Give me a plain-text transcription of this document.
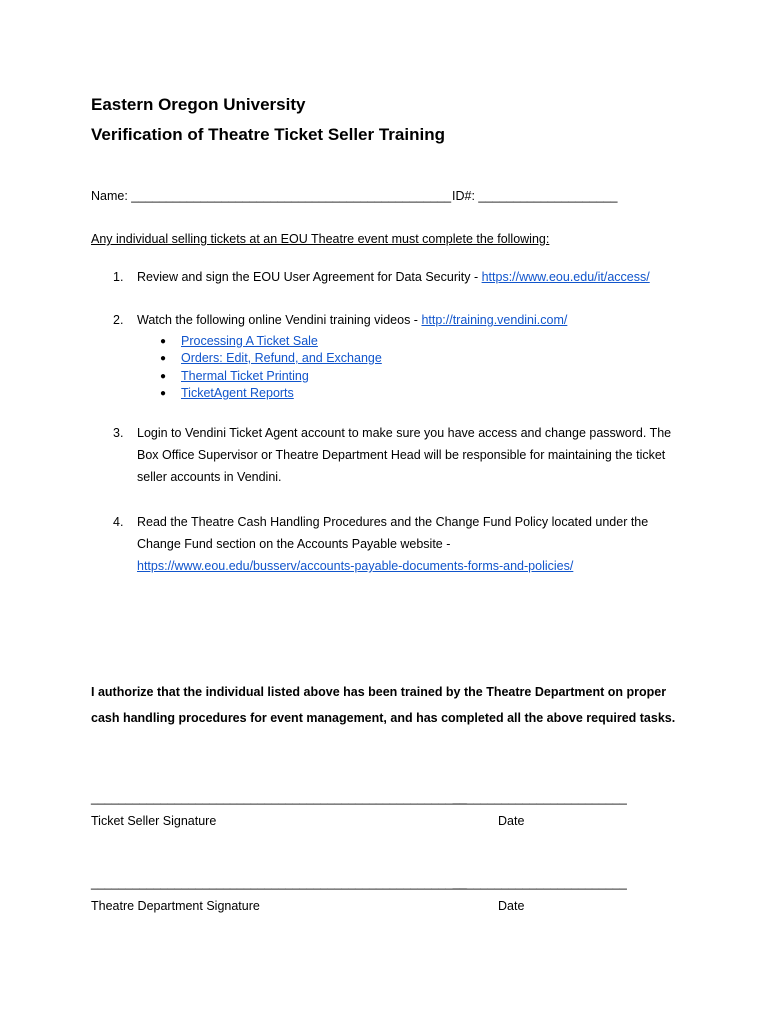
Eastern Oregon University
Verification of Theatre Ticket Seller Training
Name: ______________________________________________ ID#: ____________________
Any individual selling tickets at an EOU Theatre event must complete the following:
1. Review and sign the EOU User Agreement for Data Security - https://www.eou.edu/it/access/
2. Watch the following online Vendini training videos - http://training.vendini.com/
● Processing A Ticket Sale
● Orders: Edit, Refund, and Exchange
● Thermal Ticket Printing
● TicketAgent Reports
3. Login to Vendini Ticket Agent account to make sure you have access and change password. The
Box Office Supervisor or Theatre Department Head will be responsible for maintaining the ticket
seller accounts in Vendini.
4. Read the Theatre Cash Handling Procedures and the Change Fund Policy located under the
Change Fund section on the Accounts Payable website -
https://www.eou.edu/busserv/accounts-payable-documents-forms-and-policies/
I authorize that the individual listed above has been trained by the Theatre Department on proper
cash handling procedures for event management, and has completed all the above required tasks.
______________________________________________________
_________________________
Ticket Seller Signature	Date
______________________________________________________
_________________________
Theatre Department Signature	Date
